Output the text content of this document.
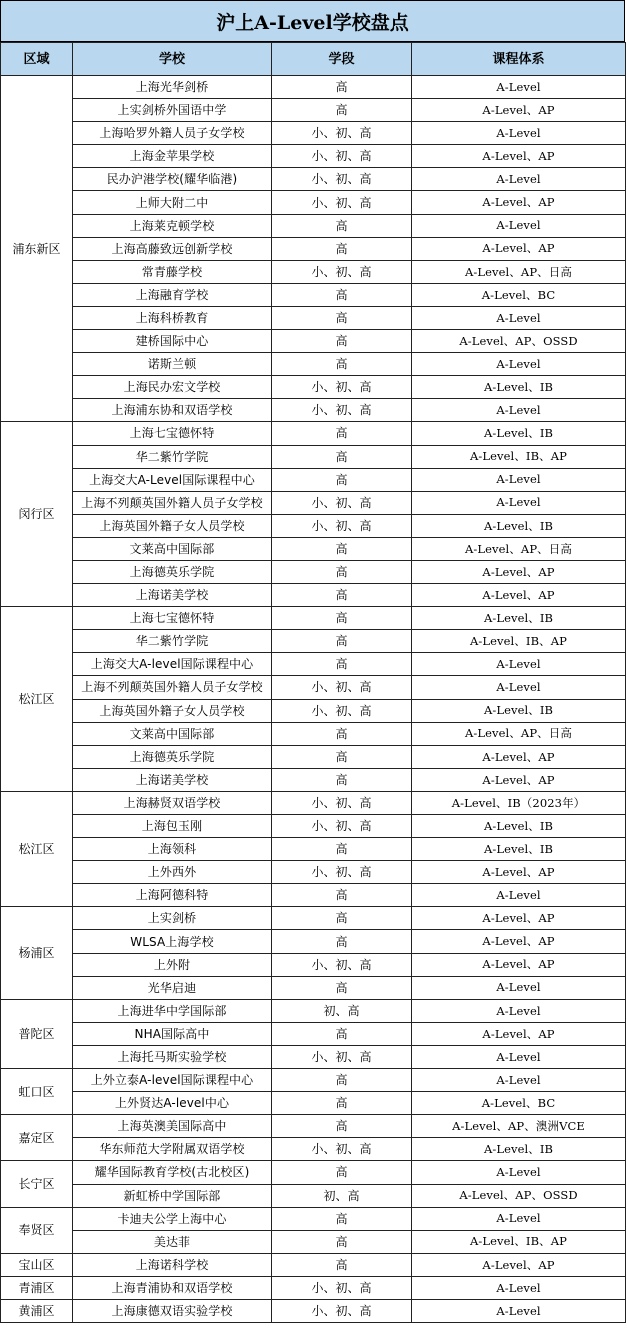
沪上A-Level学校盘点
区域	学校	学段	课程体系
浦东新区	上海光华剑桥	高	A-Level
	上实剑桥外国语中学	高	A-Level、AP
	上海哈罗外籍人员子女学校	小、初、高	A-Level
	上海金苹果学校	小、初、高	A-Level、AP
	民办沪港学校(耀华临港)	小、初、高	A-Level
	上师大附二中	小、初、高	A-Level、AP
	上海莱克顿学校	高	A-Level
	上海高藤致远创新学校	高	A-Level、AP
	常青藤学校	小、初、高	A-Level、AP、日高
	上海融育学校	高	A-Level、BC
	上海科桥教育	高	A-Level
	建桥国际中心	高	A-Level、AP、OSSD
	诺斯兰顿	高	A-Level
	上海民办宏文学校	小、初、高	A-Level、IB
	上海浦东协和双语学校	小、初、高	A-Level
闵行区	上海七宝德怀特	高	A-Level、IB
	华二紫竹学院	高	A-Level、IB、AP
	上海交大A-Level国际课程中心	高	A-Level
	上海不列颠英国外籍人员子女学校	小、初、高	A-Level
	上海英国外籍子女人员学校	小、初、高	A-Level、IB
	文莱高中国际部	高	A-Level、AP、日高
	上海德英乐学院	高	A-Level、AP
	上海诺美学校	高	A-Level、AP
松江区	上海七宝德怀特	高	A-Level、IB
	华二紫竹学院	高	A-Level、IB、AP
	上海交大A-level国际课程中心	高	A-Level
	上海不列颠英国外籍人员子女学校	小、初、高	A-Level
	上海英国外籍子女人员学校	小、初、高	A-Level、IB
	文莱高中国际部	高	A-Level、AP、日高
	上海德英乐学院	高	A-Level、AP
	上海诺美学校	高	A-Level、AP
松江区	上海赫贤双语学校	小、初、高	A-Level、IB（2023年）
	上海包玉刚	小、初、高	A-Level、IB
	上海领科	高	A-Level、IB
	上外西外	小、初、高	A-Level、AP
	上海阿德科特	高	A-Level
杨浦区	上实剑桥	高	A-Level、AP
	WLSA上海学校	高	A-Level、AP
	上外附	小、初、高	A-Level、AP
	光华启迪	高	A-Level
普陀区	上海进华中学国际部	初、高	A-Level
	NHA国际高中	高	A-Level、AP
	上海托马斯实验学校	小、初、高	A-Level
虹口区	上外立泰A-level国际课程中心	高	A-Level
	上外贤达A-level中心	高	A-Level、BC
嘉定区	上海英澳美国际高中	高	A-Level、AP、澳洲VCE
	华东师范大学附属双语学校	小、初、高	A-Level、IB
长宁区	耀华国际教育学校(古北校区)	高	A-Level
	新虹桥中学国际部	初、高	A-Level、AP、OSSD
奉贤区	卡迪夫公学上海中心	高	A-Level
	美达菲	高	A-Level、IB、AP
宝山区	上海诺科学校	高	A-Level、AP
青浦区	上海青浦协和双语学校	小、初、高	A-Level
黄浦区	上海康德双语实验学校	小、初、高	A-Level
